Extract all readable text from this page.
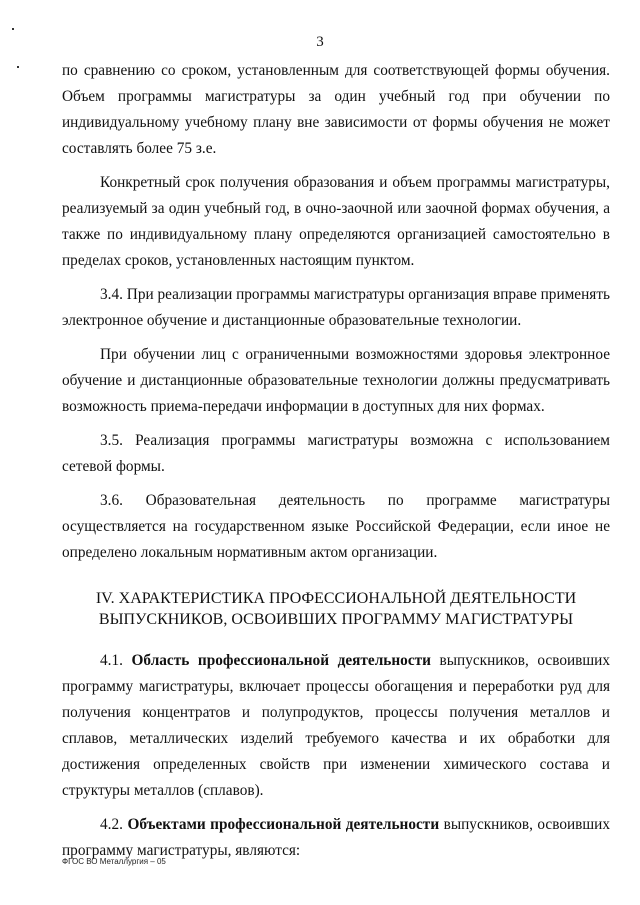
3

по сравнению со сроком, установленным для соответствующей формы обучения. Объем программы магистратуры за один учебный год при обучении по индивидуальному учебному плану вне зависимости от формы обучения не может составлять более 75 з.е.

Конкретный срок получения образования и объем программы магистратуры, реализуемый за один учебный год, в очно-заочной или заочной формах обучения, а также по индивидуальному плану определяются организацией самостоятельно в пределах сроков, установленных настоящим пунктом.

3.4. При реализации программы магистратуры организация вправе применять электронное обучение и дистанционные образовательные технологии.

При обучении лиц с ограниченными возможностями здоровья электронное обучение и дистанционные образовательные технологии должны предусматривать возможность приема-передачи информации в доступных для них формах.

3.5. Реализация программы магистратуры возможна с использованием сетевой формы.

3.6. Образовательная деятельность по программе магистратуры осуществляется на государственном языке Российской Федерации, если иное не определено локальным нормативным актом организации.

IV. ХАРАКТЕРИСТИКА ПРОФЕССИОНАЛЬНОЙ ДЕЯТЕЛЬНОСТИ
ВЫПУСКНИКОВ, ОСВОИВШИХ ПРОГРАММУ МАГИСТРАТУРЫ

4.1. Область профессиональной деятельности выпускников, освоивших программу магистратуры, включает процессы обогащения и переработки руд для получения концентратов и полупродуктов, процессы получения металлов и сплавов, металлических изделий требуемого качества и их обработки для достижения определенных свойств при изменении химического состава и структуры металлов (сплавов).

4.2. Объектами профессиональной деятельности выпускников, освоивших программу магистратуры, являются:

ФГОС ВО Металлургия – 05
